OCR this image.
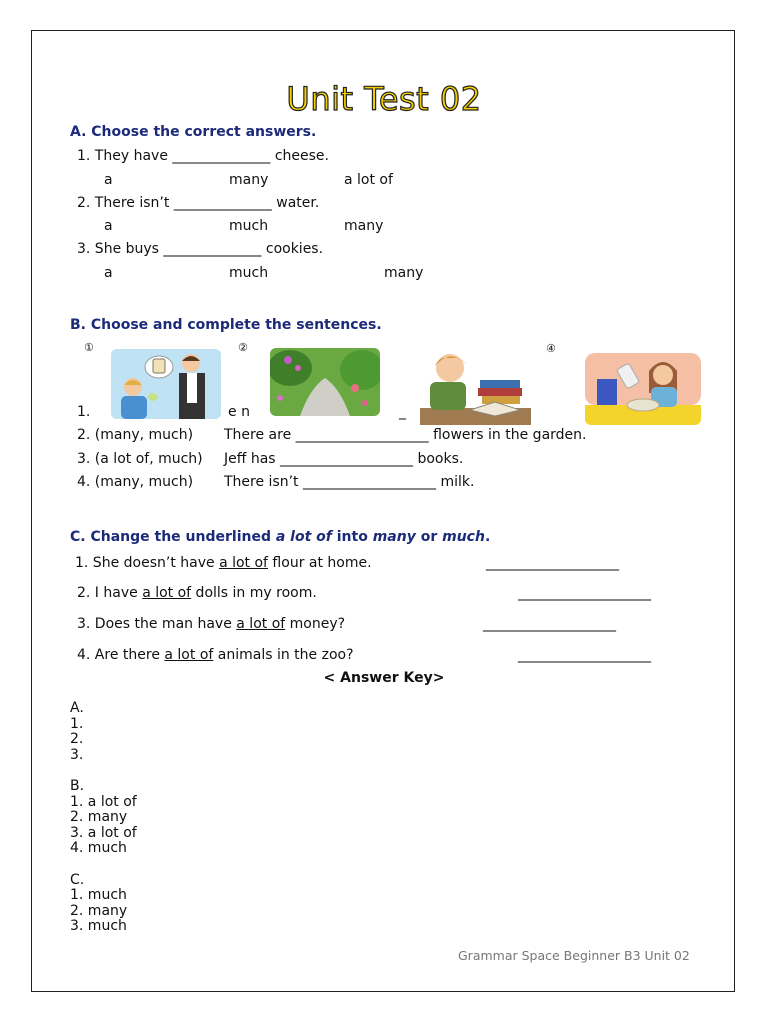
Unit Test 02
A. Choose the correct answers.
1. They have ______________ cheese.
a	many	a lot of
2. There isn’t ______________ water.
a	much	many
3. She buys ______________ cookies.
a	much	many
B. Choose and complete the sentences.
①	②	④
1.	e n	_
2. (many, much) There are ___________________ flowers in the garden.
3. (a lot of, much) Jeff has ___________________ books.
4. (many, much) There isn’t ___________________ milk.
C. Change the underlined a lot of into many or much.
1. She doesn’t have a lot of flour at home.	___________________
2. I have a lot of dolls in my room.	___________________
3. Does the man have a lot of money?	___________________
4. Are there a lot of animals in the zoo?	___________________
< Answer Key>
A.
1.
2.
3.
B.
1. a lot of
2. many
3. a lot of
4. much
C.
1. much
2. many
3. much
Grammar Space Beginner B3 Unit 02
